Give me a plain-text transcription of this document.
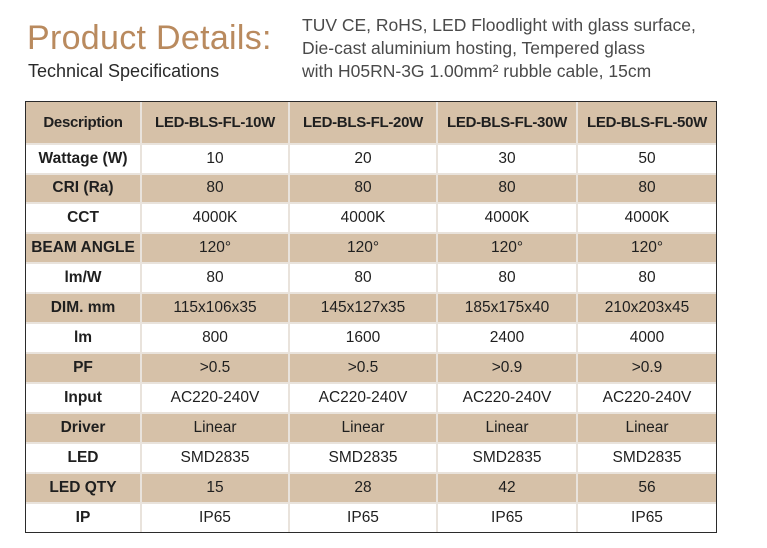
Product Details:
Technical Specifications
TUV CE, RoHS, LED Floodlight with glass surface,
Die-cast aluminium hosting, Tempered glass
with H05RN-3G 1.00mm² rubble cable, 15cm
Description	LED-BLS-FL-10W	LED-BLS-FL-20W	LED-BLS-FL-30W	LED-BLS-FL-50W
Wattage (W)	10	20	30	50
CRI (Ra)	80	80	80	80
CCT	4000K	4000K	4000K	4000K
BEAM ANGLE	120°	120°	120°	120°
lm/W	80	80	80	80
DIM. mm	115x106x35	145x127x35	185x175x40	210x203x45
lm	800	1600	2400	4000
PF	>0.5	>0.5	>0.9	>0.9
Input	AC220-240V	AC220-240V	AC220-240V	AC220-240V
Driver	Linear	Linear	Linear	Linear
LED	SMD2835	SMD2835	SMD2835	SMD2835
LED QTY	15	28	42	56
IP	IP65	IP65	IP65	IP65
